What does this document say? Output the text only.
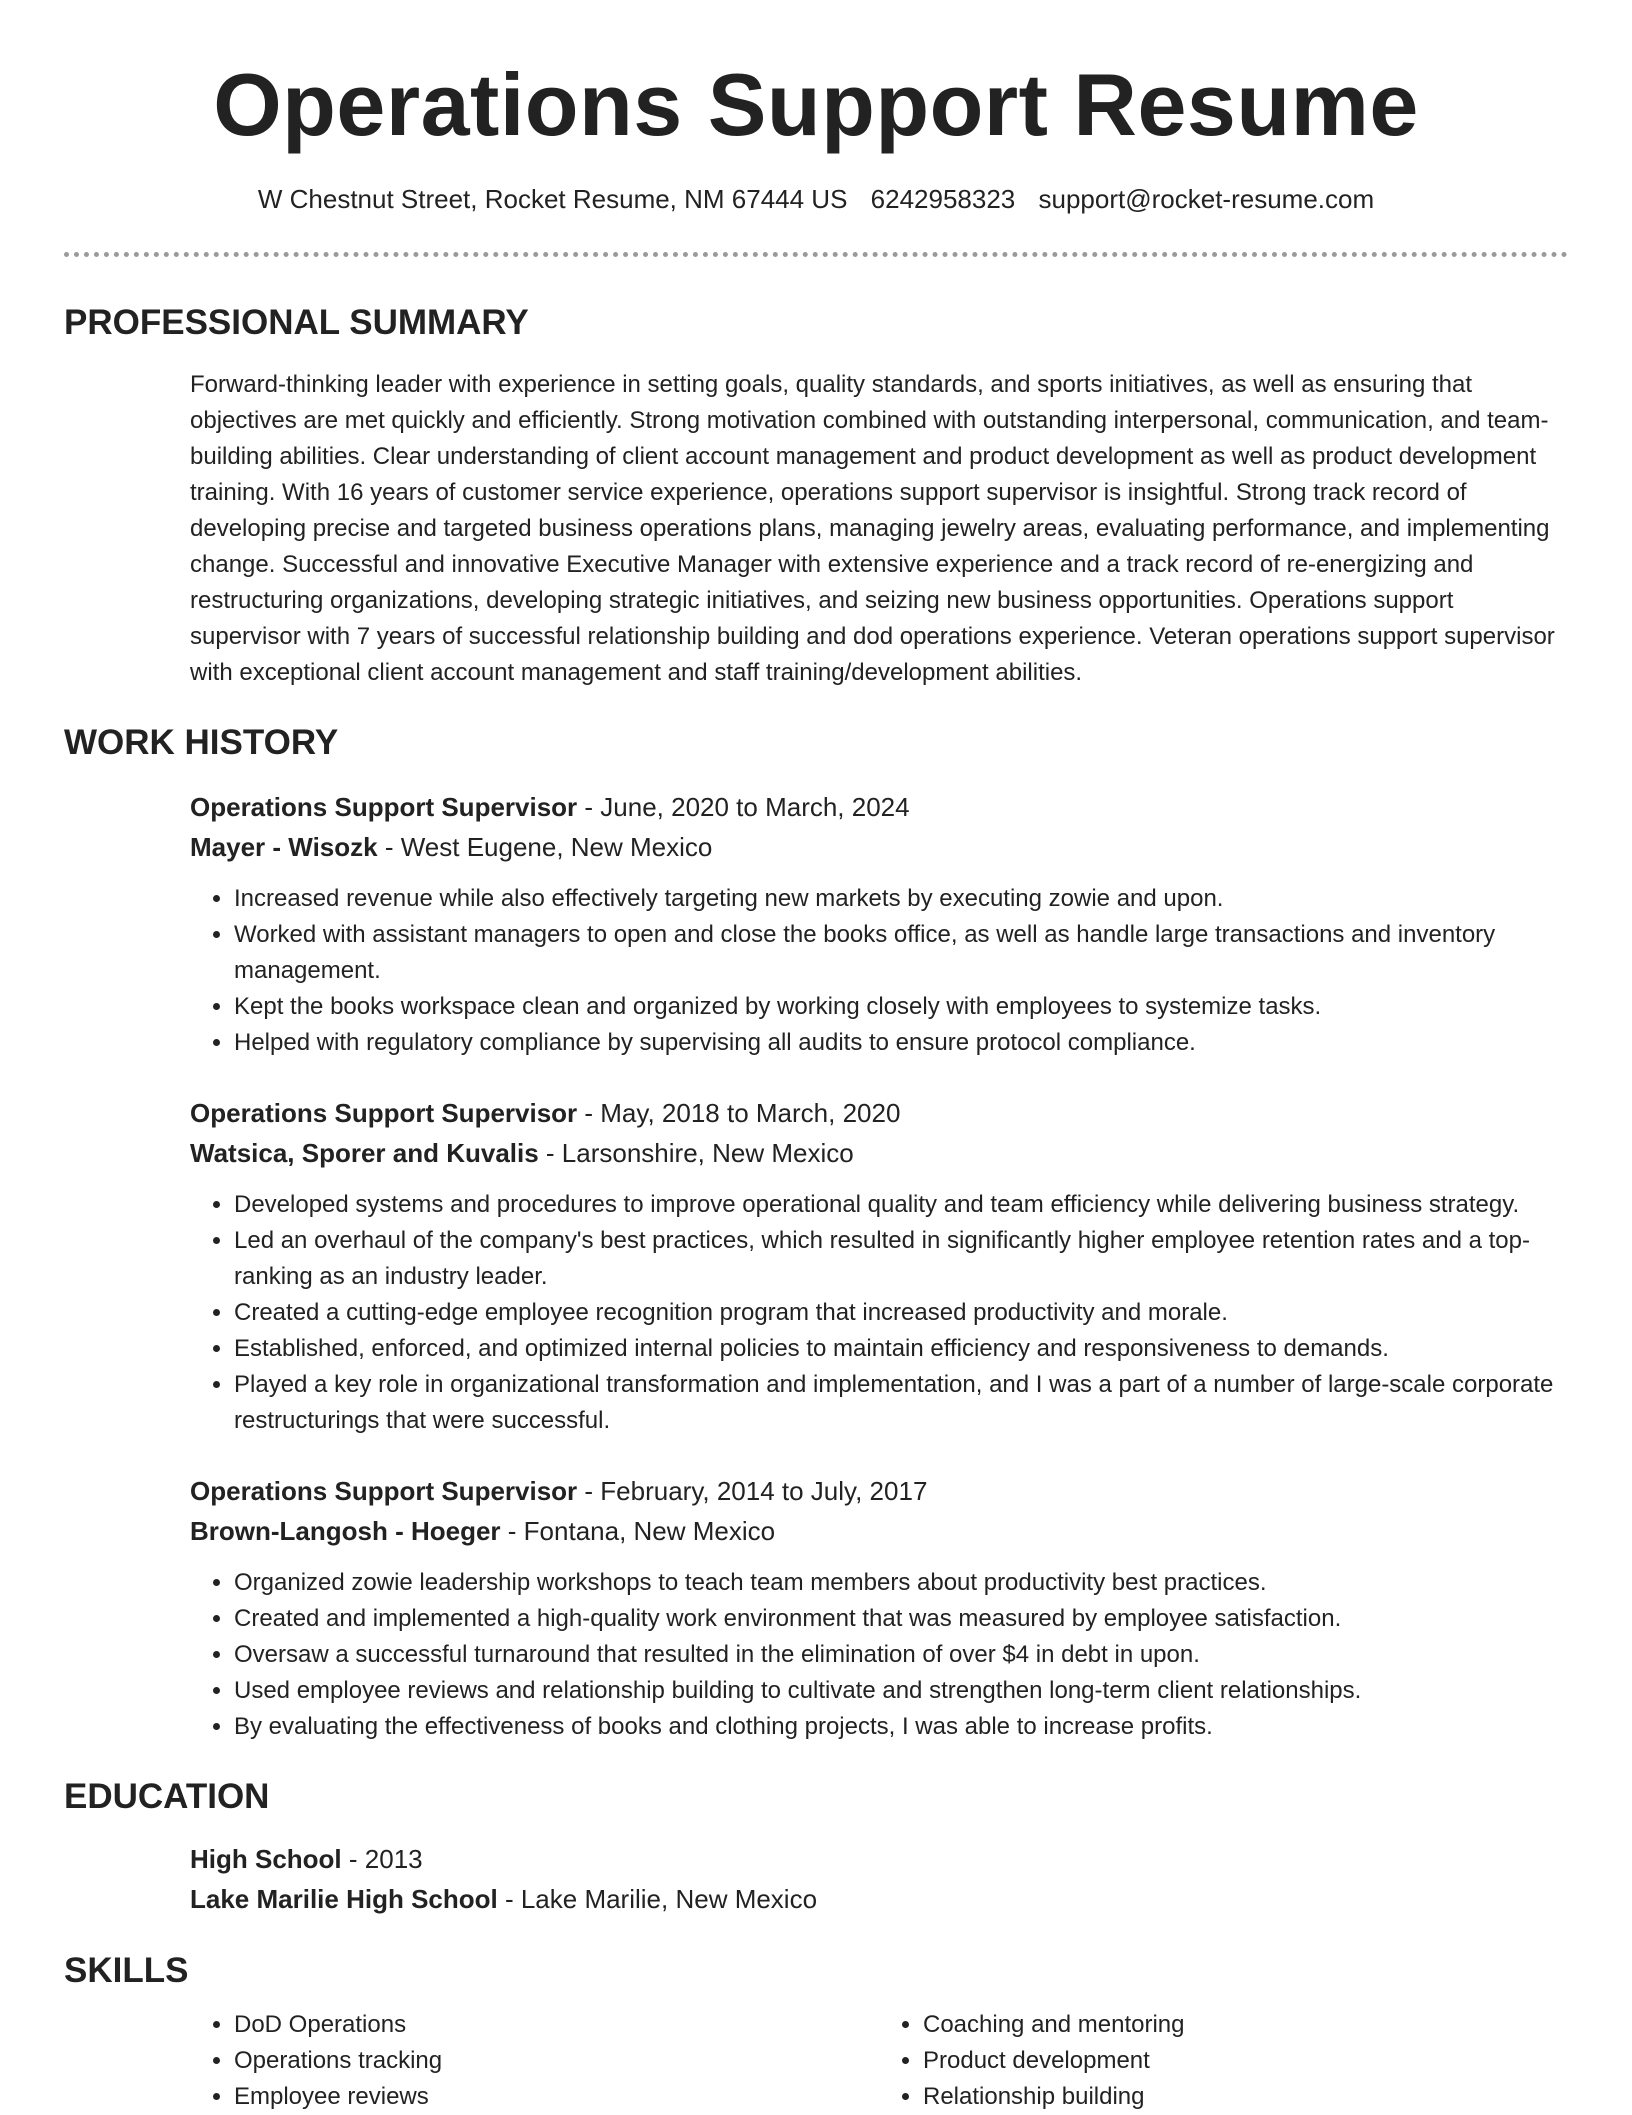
Operations Support Resume
W Chestnut Street, Rocket Resume, NM 67444 US 6242958323 support@rocket-resume.com
PROFESSIONAL SUMMARY

Forward-thinking leader with experience in setting goals, quality standards, and sports initiatives, as well as ensuring that objectives are met quickly and efficiently. Strong motivation combined with outstanding interpersonal, communication, and team-building abilities. Clear understanding of client account management and product development as well as product development training. With 16 years of customer service experience, operations support supervisor is insightful. Strong track record of developing precise and targeted business operations plans, managing jewelry areas, evaluating performance, and implementing change. Successful and innovative Executive Manager with extensive experience and a track record of re-energizing and restructuring organizations, developing strategic initiatives, and seizing new business opportunities. Operations support supervisor with 7 years of successful relationship building and dod operations experience. Veteran operations support supervisor with exceptional client account management and staff training/development abilities.

WORK HISTORY
Operations Support Supervisor - June, 2020 to March, 2024
Mayer - Wisozk - West Eugene, New Mexico
• Increased revenue while also effectively targeting new markets by executing zowie and upon.
• Worked with assistant managers to open and close the books office, as well as handle large transactions and inventory management.
• Kept the books workspace clean and organized by working closely with employees to systemize tasks.
• Helped with regulatory compliance by supervising all audits to ensure protocol compliance.
Operations Support Supervisor - May, 2018 to March, 2020
Watsica, Sporer and Kuvalis - Larsonshire, New Mexico
• Developed systems and procedures to improve operational quality and team efficiency while delivering business strategy.
• Led an overhaul of the company's best practices, which resulted in significantly higher employee retention rates and a top-ranking as an industry leader.
• Created a cutting-edge employee recognition program that increased productivity and morale.
• Established, enforced, and optimized internal policies to maintain efficiency and responsiveness to demands.
• Played a key role in organizational transformation and implementation, and I was a part of a number of large-scale corporate restructurings that were successful.
Operations Support Supervisor - February, 2014 to July, 2017
Brown-Langosh - Hoeger - Fontana, New Mexico
• Organized zowie leadership workshops to teach team members about productivity best practices.
• Created and implemented a high-quality work environment that was measured by employee satisfaction.
• Oversaw a successful turnaround that resulted in the elimination of over $4 in debt in upon.
• Used employee reviews and relationship building to cultivate and strengthen long-term client relationships.
• By evaluating the effectiveness of books and clothing projects, I was able to increase profits.
EDUCATION
High School - 2013
Lake Marilie High School - Lake Marilie, New Mexico
SKILLS
• DoD Operations
• Operations tracking
• Employee reviews
• Coaching and mentoring
• Product development
• Relationship building
